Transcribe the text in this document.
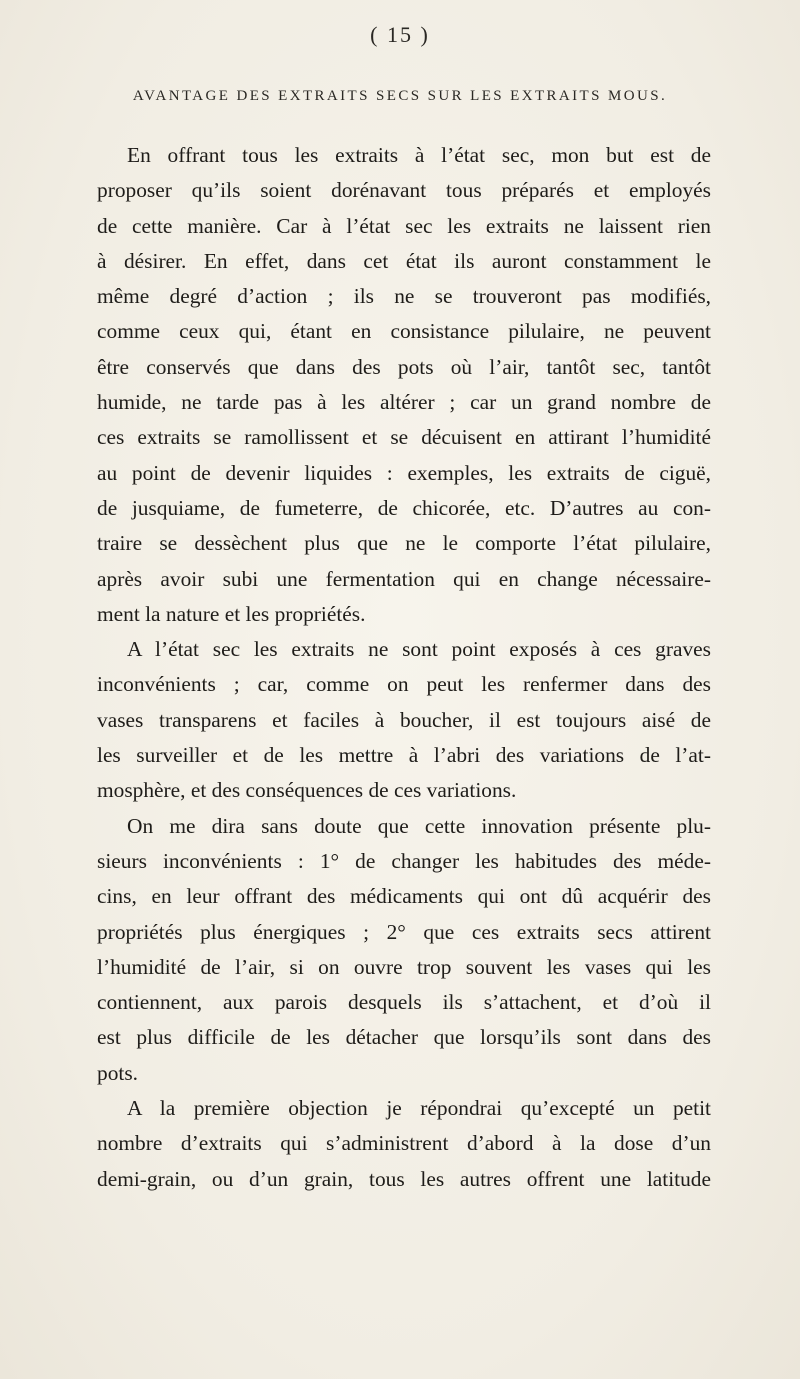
( 15 )
AVANTAGE DES EXTRAITS SECS SUR LES EXTRAITS MOUS.
En offrant tous les extraits à l’état sec, mon but est de
proposer qu’ils soient dorénavant tous préparés et employés
de cette manière. Car à l’état sec les extraits ne laissent rien
à désirer. En effet, dans cet état ils auront constamment le
même degré d’action ; ils ne se trouveront pas modifiés,
comme ceux qui, étant en consistance pilulaire, ne peuvent
être conservés que dans des pots où l’air, tantôt sec, tantôt
humide, ne tarde pas à les altérer ; car un grand nombre de
ces extraits se ramollissent et se décuisent en attirant l’humidité
au point de devenir liquides : exemples, les extraits de ciguë,
de jusquiame, de fumeterre, de chicorée, etc. D’autres au con-
traire se dessèchent plus que ne le comporte l’état pilulaire,
après avoir subi une fermentation qui en change nécessaire-
ment la nature et les propriétés.
A l’état sec les extraits ne sont point exposés à ces graves
inconvénients ; car, comme on peut les renfermer dans des
vases transparens et faciles à boucher, il est toujours aisé de
les surveiller et de les mettre à l’abri des variations de l’at-
mosphère, et des conséquences de ces variations.
On me dira sans doute que cette innovation présente plu-
sieurs inconvénients : 1° de changer les habitudes des méde-
cins, en leur offrant des médicaments qui ont dû acquérir des
propriétés plus énergiques ; 2° que ces extraits secs attirent
l’humidité de l’air, si on ouvre trop souvent les vases qui les
contiennent, aux parois desquels ils s’attachent, et d’où il
est plus difficile de les détacher que lorsqu’ils sont dans des
pots.
A la première objection je répondrai qu’excepté un petit
nombre d’extraits qui s’administrent d’abord à la dose d’un
demi-grain, ou d’un grain, tous les autres offrent une latitude
